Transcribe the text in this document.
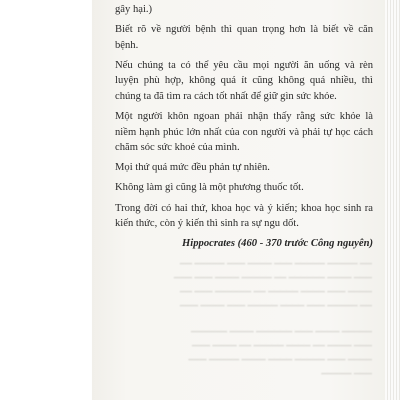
━━ ━━━━━ ━━━━━ ━━━ ━━━━ ━━━ ━━━━━ ━━
━━━ ━━━━ ━━━━━━ ━━ ━━━━━ ━━━━ ━━━ ━━━
━━━━ ━━━ ━━━━ ━━━━━ ━━ ━━━━━━ ━━━ ━━
━━ ━━━━━ ━━━ ━━━━ ━━━━━ ━━━ ━━━━ ━━━
━━━━━ ━━━━ ━━━ ━━━━━━ ━━━━ ━━━━━━
━━━ ━━━━ ━━ ━━━━ ━━━━━ ━━ ━━━━ ━━━
━━━━ ━━━ ━━━━━ ━━━━ ━━━━ ━━━━━ ━━━
━━━ ━━━━━

gây hại.)

Biết rõ về người bệnh thì quan trọng hơn là biết về căn bệnh.

Nếu chúng ta có thể yêu cầu mọi người ăn uống và rèn luyện phù hợp, không quá ít cũng không quá nhiều, thì chúng ta đã tìm ra cách tốt nhất để giữ gìn sức khỏe.

Một người khôn ngoan phải nhận thấy rằng sức khỏe là niềm hạnh phúc lớn nhất của con người và phải tự học cách chăm sóc sức khoẻ của mình.

Mọi thứ quá mức đều phản tự nhiên.

Không làm gì cũng là một phương thuốc tốt.

Trong đời có hai thứ, khoa học và ý kiến; khoa học sinh ra kiến thức, còn ý kiến thì sinh ra sự ngu dốt.

Hippocrates (460 - 370 trước Công nguyên)
